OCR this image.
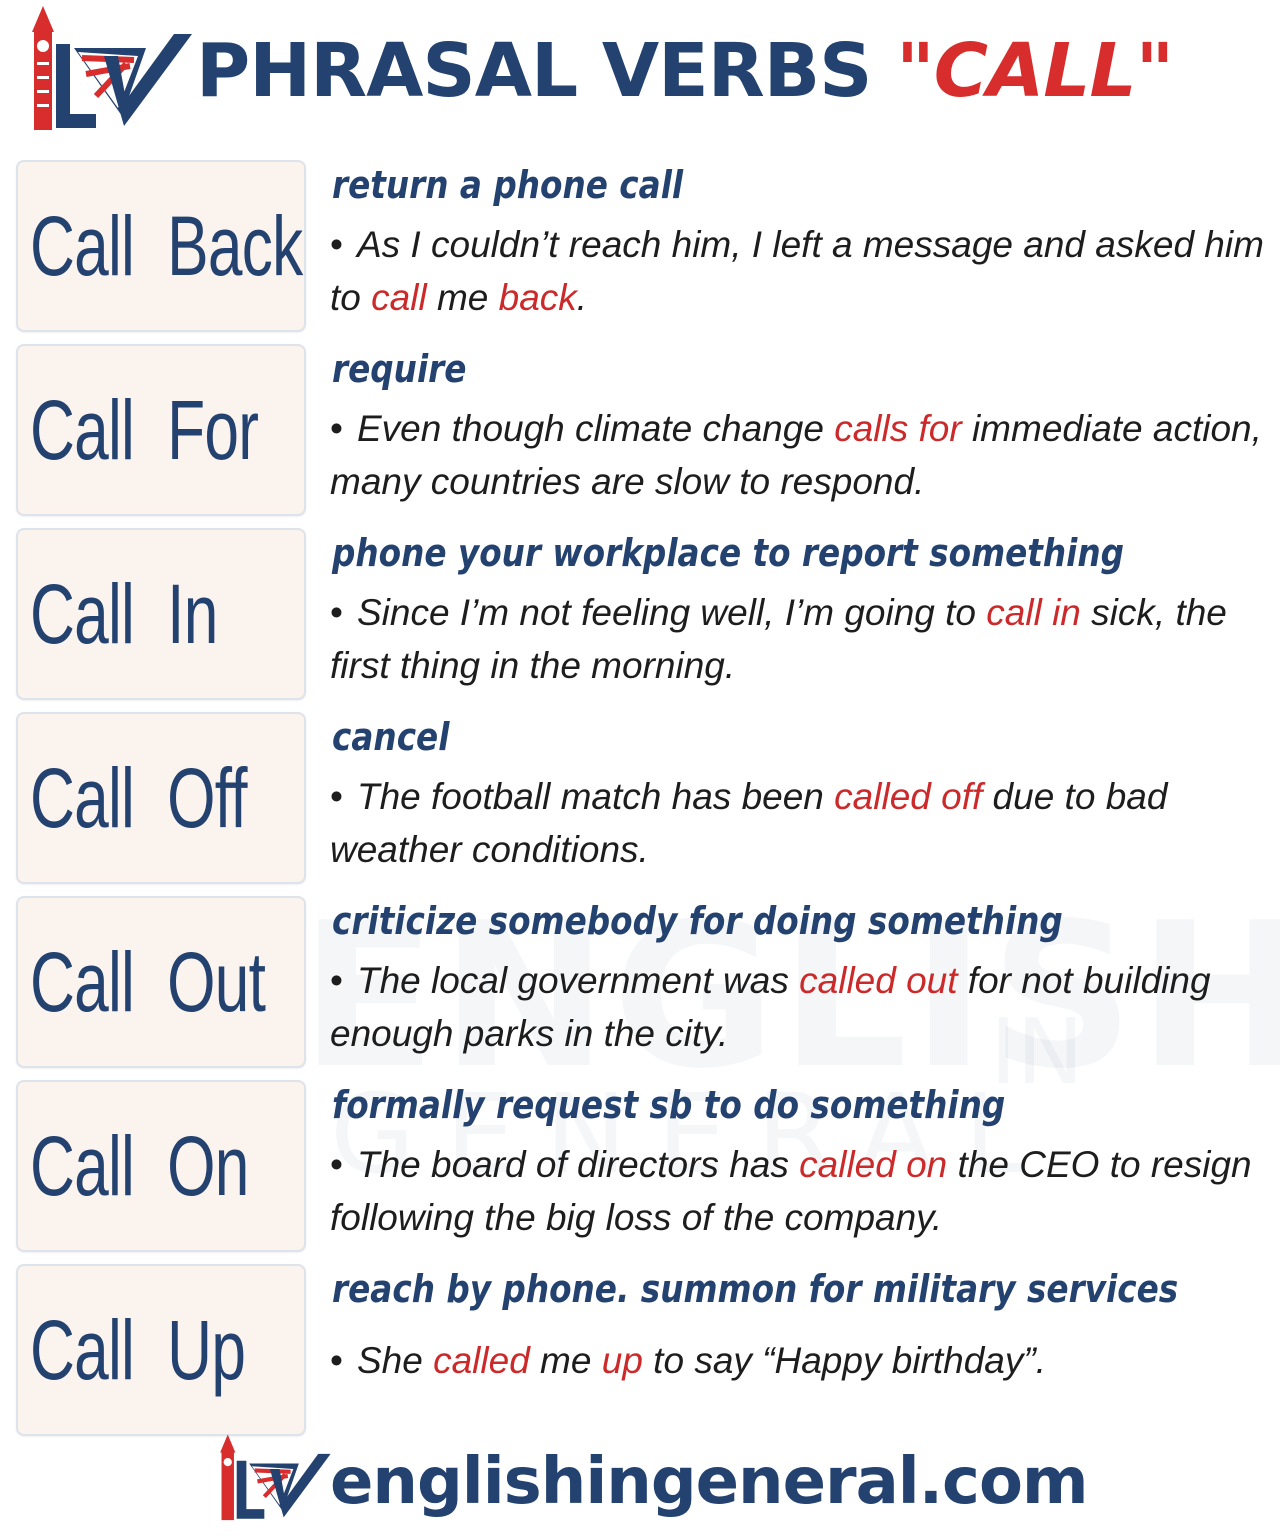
PHRASAL VERBS "CALL"
Call  Back
return a phone call
• As I couldn’t reach him, I left a message and asked him to call me back.
Call  For
require
• Even though climate change calls for immediate action, many countries are slow to respond.
Call  In
phone your workplace to report something
• Since I’m not feeling well, I’m going to call in sick, the first thing in the morning.
Call  Off
cancel
• The football match has been called off due to bad weather conditions.
Call  Out
criticize somebody for doing something
• The local government was called out for not building enough parks in the city.
Call  On
formally request sb to do something
• The board of directors has called on the CEO to resign following the big loss of the company.
Call  Up
reach by phone. summon for military services
• She called me up to say “Happy birthday”.
englishingeneral.com
